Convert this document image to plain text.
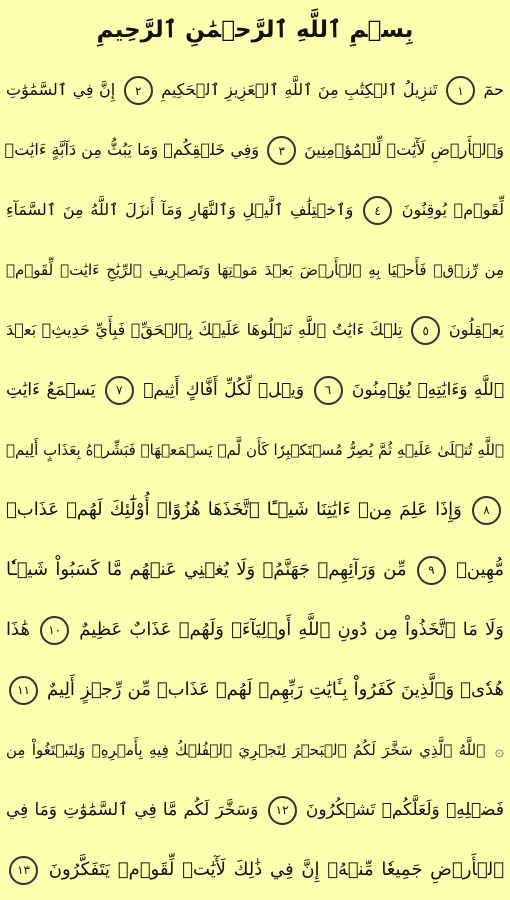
بِسۡمِ ٱللَّهِ ٱلرَّحۡمَٰنِ ٱلرَّحِيمِ
حمٓ ١ تَنزِيلُ ٱلۡكِتَٰبِ مِنَ ٱللَّهِ ٱلۡعَزِيزِ ٱلۡحَكِيمِ ٢ إِنَّ فِي ٱلسَّمَٰوَٰتِ
وَٱلۡأَرۡضِ لَأٓيَٰتٖ لِّلۡمُؤۡمِنِينَ ٣ وَفِي خَلۡقِكُمۡ وَمَا يَبُثُّ مِن دَآبَّةٍ ءَايَٰتٞ
لِّقَوۡمٖ يُوقِنُونَ ٤ وَٱخۡتِلَٰفِ ٱلَّيۡلِ وَٱلنَّهَارِ وَمَآ أَنزَلَ ٱللَّهُ مِنَ ٱلسَّمَآءِ
مِن رِّزۡقٖ فَأَحۡيَا بِهِ ٱلۡأَرۡضَ بَعۡدَ مَوۡتِهَا وَتَصۡرِيفِ ٱلرِّيَٰحِ ءَايَٰتٞ لِّقَوۡمٖ
يَعۡقِلُونَ ٥ تِلۡكَ ءَايَٰتُ ٱللَّهِ نَتۡلُوهَا عَلَيۡكَ بِٱلۡحَقِّۖ فَبِأَيِّ حَدِيثِۭ بَعۡدَ
ٱللَّهِ وَءَايَٰتِهِۦ يُؤۡمِنُونَ ٦ وَيۡلٞ لِّكُلِّ أَفَّاكٍ أَثِيمٖ ٧ يَسۡمَعُ ءَايَٰتِ
ٱللَّهِ تُتۡلَىٰ عَلَيۡهِ ثُمَّ يُصِرُّ مُسۡتَكۡبِرٗا كَأَن لَّمۡ يَسۡمَعۡهَاۖ فَبَشِّرۡهُ بِعَذَابٍ أَلِيمٖ
٨ وَإِذَا عَلِمَ مِنۡ ءَايَٰتِنَا شَيۡـًٔا ٱتَّخَذَهَا هُزُوًاۚ أُوْلَٰٓئِكَ لَهُمۡ عَذَابٞ
مُّهِينٞ ٩ مِّن وَرَآئِهِمۡ جَهَنَّمُۖ وَلَا يُغۡنِي عَنۡهُم مَّا كَسَبُواْ شَيۡـٔٗا
وَلَا مَا ٱتَّخَذُواْ مِن دُونِ ٱللَّهِ أَوۡلِيَآءَۖ وَلَهُمۡ عَذَابٌ عَظِيمٌ ١٠ هَٰذَا
هُدٗىۖ وَٱلَّذِينَ كَفَرُواْ بِـَٔايَٰتِ رَبِّهِمۡ لَهُمۡ عَذَابٞ مِّن رِّجۡزٍ أَلِيمٌ ١١
۞ ٱللَّهُ ٱلَّذِي سَخَّرَ لَكُمُ ٱلۡبَحۡرَ لِتَجۡرِيَ ٱلۡفُلۡكُ فِيهِ بِأَمۡرِهِۦ وَلِتَبۡتَغُواْ مِن
فَضۡلِهِۦ وَلَعَلَّكُمۡ تَشۡكُرُونَ ١٢ وَسَخَّرَ لَكُم مَّا فِي ٱلسَّمَٰوَٰتِ وَمَا فِي
ٱلۡأَرۡضِ جَمِيعٗا مِّنۡهُۚ إِنَّ فِي ذَٰلِكَ لَأٓيَٰتٖ لِّقَوۡمٖ يَتَفَكَّرُونَ ١٣
